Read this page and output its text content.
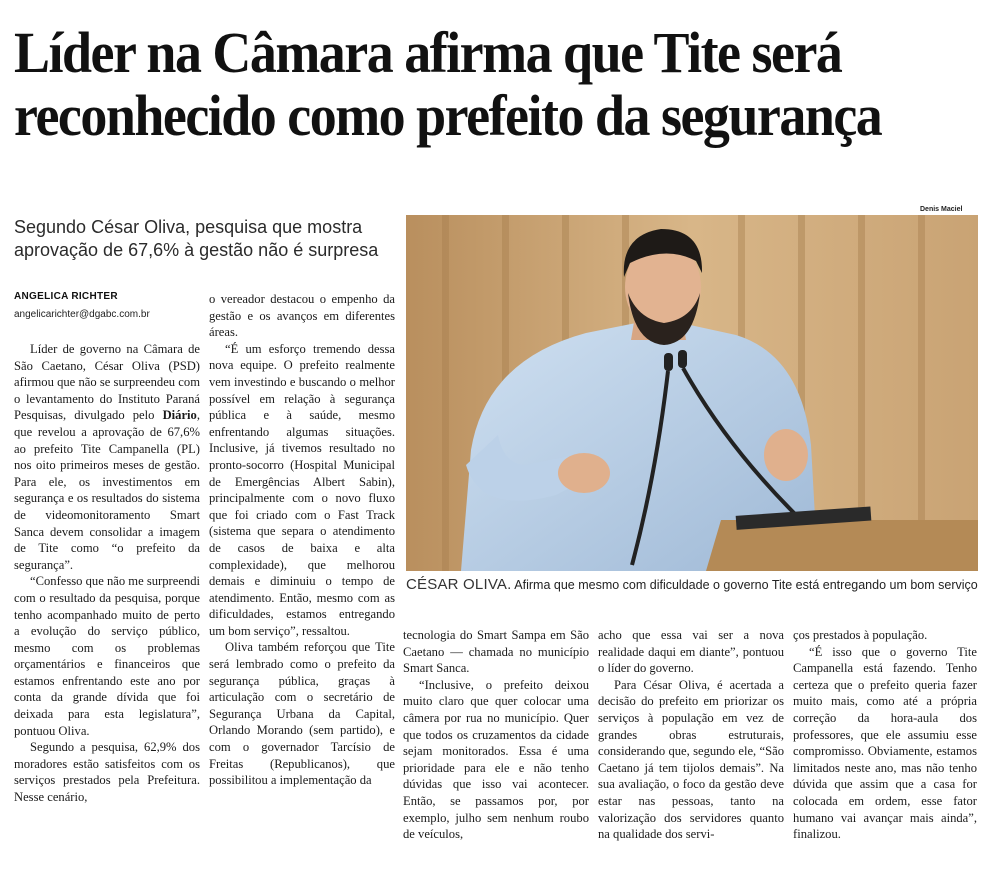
Líder na Câmara afirma que Tite será reconhecido como prefeito da segurança
Segundo César Oliva, pesquisa que mostra aprovação de 67,6% à gestão não é surpresa
ANGELICA RICHTER
angelicarichter@dgabc.com.br

Líder de governo na Câmara de São Caetano, César Oliva (PSD) afirmou que não se surpreendeu com o levantamento do Instituto Paraná Pesquisas, divulgado pelo Diário, que revelou a aprovação de 67,6% ao prefeito Tite Campanella (PL) nos oito primeiros meses de gestão. Para ele, os investimentos em segurança e os resultados do sistema de videomonitoramento Smart Sanca devem consolidar a imagem de Tite como “o prefeito da segurança”.

“Confesso que não me surpreendi com o resultado da pesquisa, porque tenho acompanhado muito de perto a evolução do serviço público, mesmo com os problemas orçamentários e financeiros que estamos enfrentando este ano por conta da grande dívida que foi deixada para esta legislatura”, pontuou Oliva.

Segundo a pesquisa, 62,9% dos moradores estão satisfeitos com os serviços prestados pela Prefeitura. Nesse cenário,

o vereador destacou o empenho da gestão e os avanços em diferentes áreas.

“É um esforço tremendo dessa nova equipe. O prefeito realmente vem investindo e buscando o melhor possível em relação à segurança pública e à saúde, mesmo enfrentando algumas situações. Inclusive, já tivemos resultado no pronto-socorro (Hospital Municipal de Emergências Albert Sabin), principalmente com o novo fluxo que foi criado com o Fast Track (sistema que separa o atendimento de casos de baixa e alta complexidade), que melhorou demais e diminuiu o tempo de atendimento. Então, mesmo com as dificuldades, estamos entregando um bom serviço”, ressaltou.

Oliva também reforçou que Tite será lembrado como o prefeito da segurança pública, graças à articulação com o secretário de Segurança Urbana da Capital, Orlando Morando (sem partido), e com o governador Tarcísio de Freitas (Republicanos), que possibilitou a implementação da

Denis Maciel
CÉSAR OLIVA. Afirma que mesmo com dificuldade o governo Tite está entregando um bom serviço

tecnologia do Smart Sampa em São Caetano — chamada no município Smart Sanca.

“Inclusive, o prefeito deixou muito claro que quer colocar uma câmera por rua no município. Quer que todos os cruzamentos da cidade sejam monitorados. Essa é uma prioridade para ele e não tenho dúvidas que isso vai acontecer. Então, se passamos por, por exemplo, julho sem nenhum roubo de veículos,

acho que essa vai ser a nova realidade daqui em diante”, pontuou o líder do governo.

Para César Oliva, é acertada a decisão do prefeito em priorizar os serviços à população em vez de grandes obras estruturais, considerando que, segundo ele, “São Caetano já tem tijolos demais”. Na sua avaliação, o foco da gestão deve estar nas pessoas, tanto na valorização dos servidores quanto na qualidade dos servi-

ços prestados à população.

“É isso que o governo Tite Campanella está fazendo. Tenho certeza que o prefeito queria fazer muito mais, como até a própria correção da hora-aula dos professores, que ele assumiu esse compromisso. Obviamente, estamos limitados neste ano, mas não tenho dúvida que assim que a casa for colocada em ordem, esse fator humano vai avançar mais ainda”, finalizou.
